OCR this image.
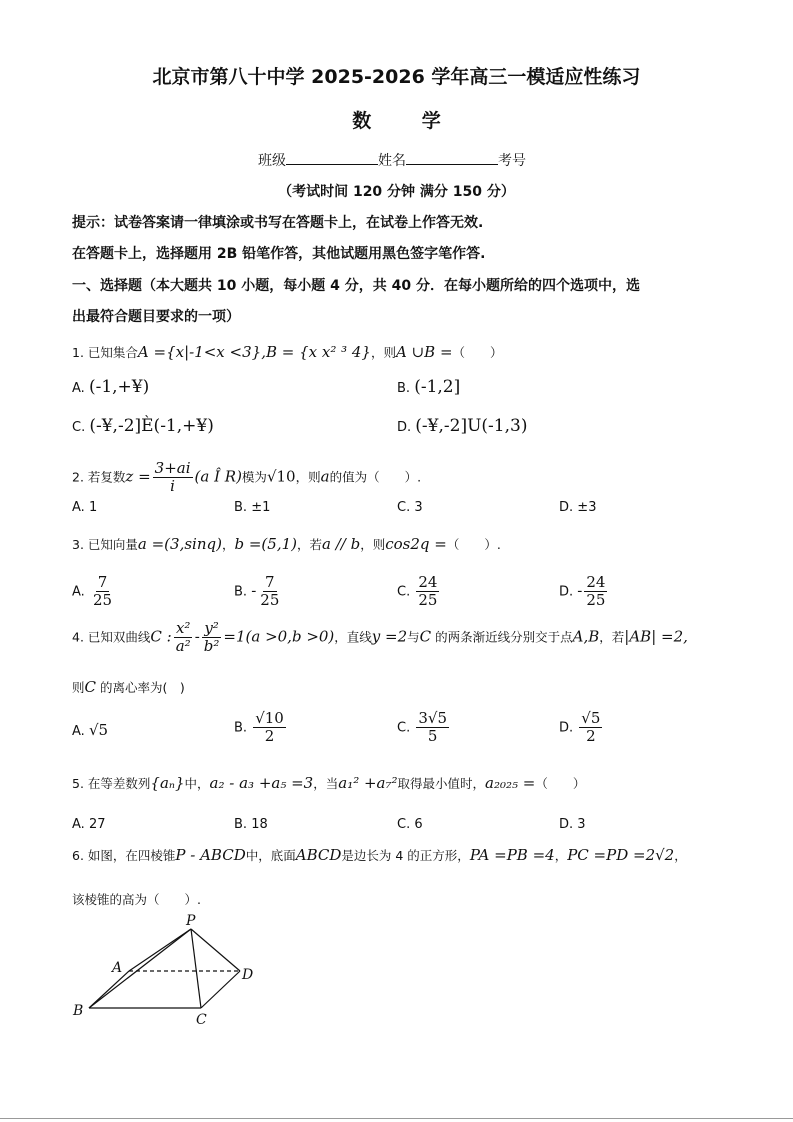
北京市第八十中学 2025-2026 学年高三一模适应性练习
数 学
班级	姓名	考号
（考试时间 120 分钟 满分 150 分）
提示：试卷答案请一律填涂或书写在答题卡上，在试卷上作答无效.
在答题卡上，选择题用 2B 铅笔作答，其他试题用黑色签字笔作答.
一、选择题（本大题共 10 小题，每小题 4 分，共 40 分．在每小题所给的四个选项中，选
出最符合题目要求的一项）
1. 已知集合A ={x|-1<x <3},B = {x x² ³ 4}，则A ∪B =（　　）
A. (-1,+¥)	B. (-1,2]
C. (-¥,-2]È(-1,+¥)	D. (-¥,-2]U(-1,3)
2. 若复数$z = \frac{3+ai}{i} (a$ Î R)模为√10，则a的值为（　　）.
A. 1	B. ±1	C. 3	D. ±3
3. 已知向量a =(3,sinq)，b =(5,1)，若a // b，则cos2q =（　　）.
A. $\frac{7}{25}$	B. - $\frac{7}{25}$	C. $\frac{24}{25}$	D. - $\frac{24}{25}$
4. 已知双曲线C : $\frac{\text{x²}}{\text{a²}} - \frac{\text{y²}}{\text{b²}} =1(a >0,b >0)$，直线y =2与C 的两条渐近线分别交于点A,B，若|AB| =2,
则C 的离心率为(　)
A. √5	B. $\frac{√10}{2}$	C. $\frac{3√5}{5}$	D. $\frac{√5}{2}$
5. 在等差数列{aₙ}中，a₂ - a₃ +a₅ =3，当a₁² +a₇²取得最小值时，a₂₀₂₅ =（　　）
A. 27	B. 18	C. 6	D. 3
6. 如图，在四棱锥P - ABCD中，底面ABCD是边长为 4 的正方形，PA =PB =4，PC =PD =2√2，
该棱锥的高为（　　）.
P
A
B
C
D
